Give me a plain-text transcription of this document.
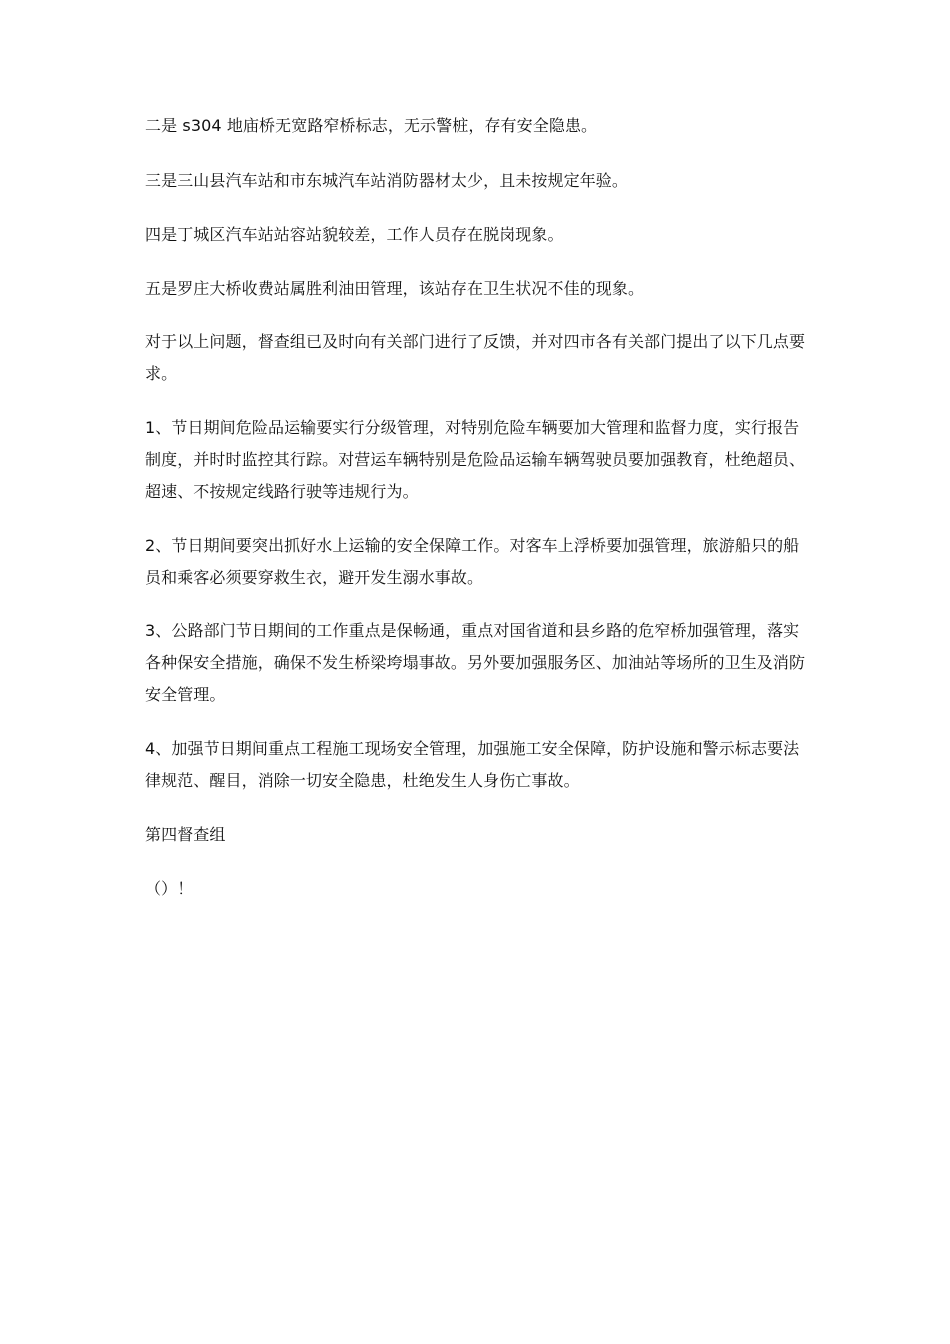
二是 s304 地庙桥无宽路窄桥标志，无示警桩，存有安全隐患。

三是三山县汽车站和市东城汽车站消防器材太少，且未按规定年验。

四是丁城区汽车站站容站貌较差，工作人员存在脱岗现象。

五是罗庄大桥收费站属胜利油田管理，该站存在卫生状况不佳的现象。

对于以上问题，督查组已及时向有关部门进行了反馈，并对四市各有关部门提出了以下几点要求。

1、节日期间危险品运输要实行分级管理，对特别危险车辆要加大管理和监督力度，实行报告制度，并时时监控其行踪。对营运车辆特别是危险品运输车辆驾驶员要加强教育，杜绝超员、超速、不按规定线路行驶等违规行为。

2、节日期间要突出抓好水上运输的安全保障工作。对客车上浮桥要加强管理，旅游船只的船员和乘客必须要穿救生衣，避开发生溺水事故。

3、公路部门节日期间的工作重点是保畅通，重点对国省道和县乡路的危窄桥加强管理，落实各种保安全措施，确保不发生桥梁垮塌事故。另外要加强服务区、加油站等场所的卫生及消防安全管理。

4、加强节日期间重点工程施工现场安全管理，加强施工安全保障，防护设施和警示标志要法律规范、醒目，消除一切安全隐患，杜绝发生人身伤亡事故。

第四督查组

（）！
